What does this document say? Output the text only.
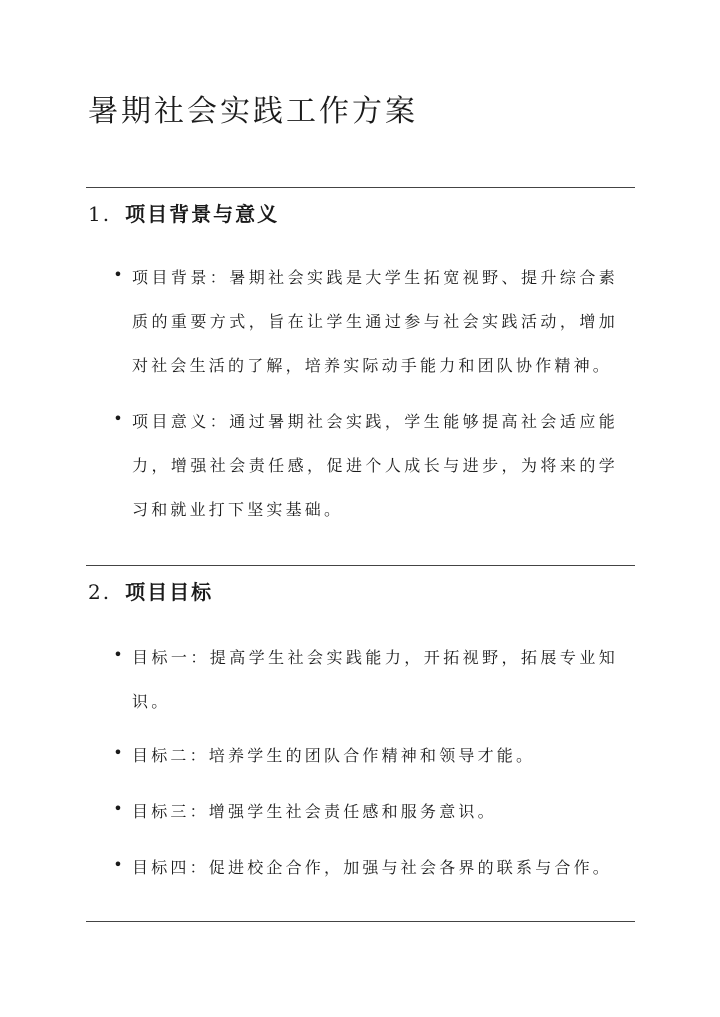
暑期社会实践工作方案
1. 项目背景与意义
• 项目背景：暑期社会实践是大学生拓宽视野、提升综合素质的重要方式，旨在让学生通过参与社会实践活动，增加对社会生活的了解，培养实际动手能力和团队协作精神。
• 项目意义：通过暑期社会实践，学生能够提高社会适应能力，增强社会责任感，促进个人成长与进步，为将来的学习和就业打下坚实基础。
2. 项目目标
• 目标一：提高学生社会实践能力，开拓视野，拓展专业知识。
• 目标二：培养学生的团队合作精神和领导才能。
• 目标三：增强学生社会责任感和服务意识。
• 目标四：促进校企合作，加强与社会各界的联系与合作。
